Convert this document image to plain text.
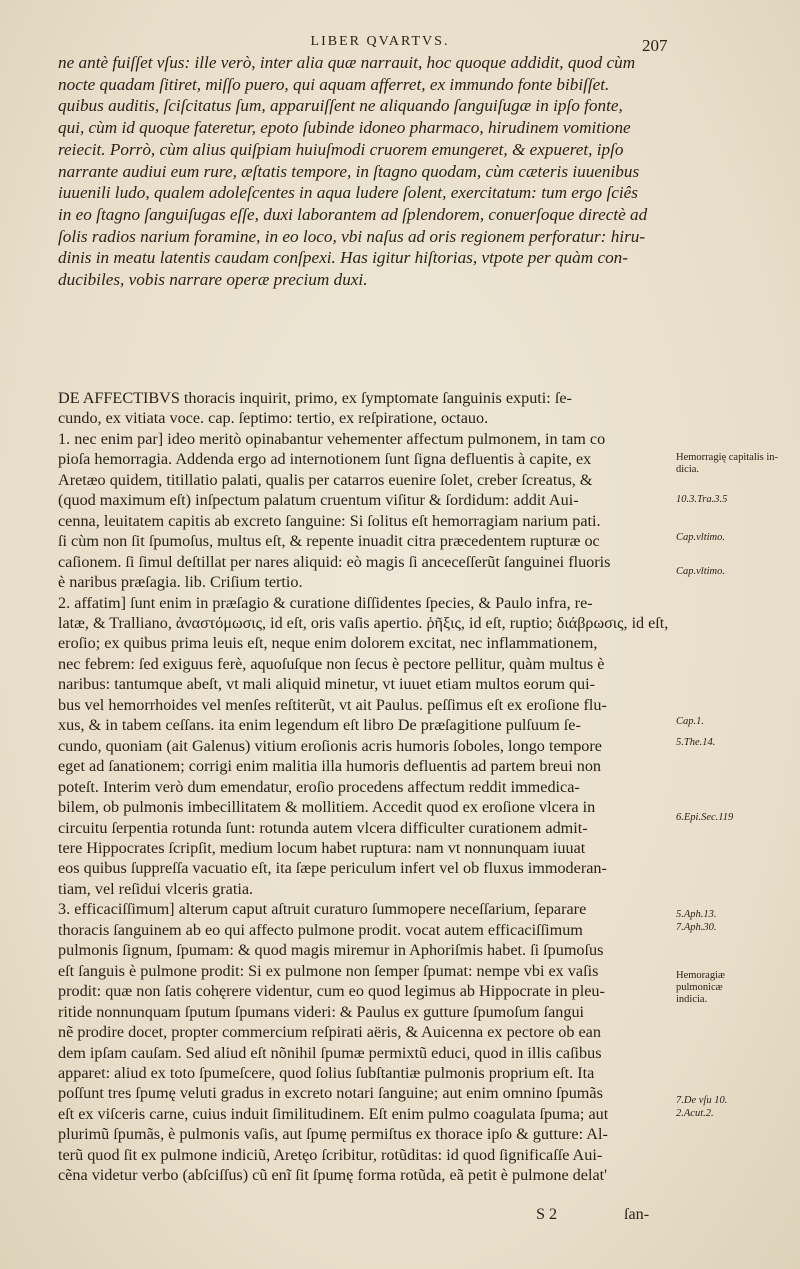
LIBER QVARTVS.	207
ne antè fuiſſet vſus: ille verò, inter alia quæ narrauit, hoc quoque addidit, quod cùm
noctе quadam ſitiret, miſſo puero, qui aquam afferret, ex immundo fonte bibiſſet.
quibus auditis, ſciſcitatus ſum, apparuiſſent ne aliquando ſanguiſugæ in ipſo fonte,
qui, cùm id quoque fateretur, epoto ſubinde idoneo pharmaco, hirudinem vomitione
reiecit. Porrò, cùm alius quiſpiam huiuſmodi cruorem emungeret, & expueret, ipſo
narrante audiui eum rure, æſtatis tempore, in ſtagno quodam, cùm cæteris iuuenibus
iuuenili ludo, qualem adoleſcentes in aqua ludere ſolent, exercitatum: tum ergo ſciês
in eo ſtagno ſanguiſugas eſſe, duxi laborantem ad ſplendorem, conuerſoque directè ad
ſolis radios narium foramine, in eo loco, vbi naſus ad oris regionem perforatur: hiru-
dinis in meatu latentis caudam conſpexi. Has igitur hiſtorias, vtpote per quàm con-
ducibiles, vobis narrare operæ precium duxi.
DE AFFECTIBVS thoracis inquirit, primo, ex ſymptomate ſanguinis exputi: ſe-
cundo, ex vitiata voce. cap. ſeptimo: tertio, ex reſpiratione, octauo.
1. nec enim par] ideo meritò opinabantur vehementer affectum pulmonem, in tam co
pioſa hemorragia. Addenda ergo ad internotionem ſunt ſigna defluentis à capite, ex
Aretæo quidem, titillatio palati, qualis per catarros euenire ſolet, creber ſcreatus, &
(quod maximum eſt) inſpectum palatum cruentum viſitur & ſordidum: addit Aui-
cenna, leuitatem capitis ab excreto ſanguine: Si ſolitus eſt hemorragiam narium pati.
ſi cùm non ſit ſpumoſus, multus eſt, & repente inuadit citra præcedentem rupturæ oc
caſionem. ſi ſimul deſtillat per nares aliquid: eò magis ſi anceceſſerũt ſanguinei fluoris
è naribus præſagia. lib. Criſium tertio.
2. affatim] ſunt enim in præſagio & curatione diſſidentes ſpecies, & Paulo infra, re-
latæ, & Tralliano, ἀναστόμωσις, id eſt, oris vaſis apertio. ῥῆξις, id eſt, ruptio; διάβρωσις, id eſt,
eroſio; ex quibus prima leuis eſt, neque enim dolorem excitat, nec inflammationem,
nec febrem: ſed exiguus ferè, aquoſuſque non ſecus è pectore pellitur, quàm multus è
naribus: tantumque abeſt, vt mali aliquid minetur, vt iuuet etiam multos eorum qui-
bus vel hemorrhoides vel menſes reſtiterũt, vt ait Paulus. peſſimus eſt ex eroſione flu-
xus, & in tabem ceſſans. ita enim legendum eſt libro De præſagitione pulſuum ſe-
cundo, quoniam (ait Galenus) vitium eroſionis acris humoris ſoboles, longo tempore
eget ad ſanationem; corrigi enim malitia illa humoris defluentis ad partem breui non
poteſt. Interim verò dum emendatur, eroſio procedens affectum reddit immedica-
bilem, ob pulmonis imbecillitatem & mollitiem. Accedit quod ex eroſione vlcera in
circuitu ſerpentia rotunda ſunt: rotunda autem vlcera difficulter curationem admit-
tere Hippocrates ſcripſit, medium locum habet ruptura: nam vt nonnunquam iuuat
eos quibus ſuppreſſa vacuatio eſt, ita ſæpe periculum infert vel ob fluxus immoderan-
tiam, vel reſidui vlceris gratia.
3. efficaciſſimum] alterum caput aſtruit curaturo ſummopere neceſſarium, ſeparare
thoracis ſanguinem ab eo qui affecto pulmone prodit. vocat autem efficaciſſimum
pulmonis ſignum, ſpumam: & quod magis miremur in Aphoriſmis habet. ſi ſpumoſus
eſt ſanguis è pulmone prodit: Si ex pulmone non ſemper ſpumat: nempe vbi ex vaſis
prodit: quæ non ſatis cohęrere videntur, cum eo quod legimus ab Hippocrate in pleu-
ritide nonnunquam ſputum ſpumans videri: & Paulus ex gutture ſpumoſum ſangui
nẽ prodire docet, propter commercium reſpirati aëris, & Auicenna ex pectore ob ean
dem ipſam cauſam. Sed aliud eſt nõnihil ſpumæ permixtũ educi, quod in illis caſibus
apparet: aliud ex toto ſpumeſcere, quod ſolius ſubſtantiæ pulmonis proprium eſt. Ita
poſſunt tres ſpumę veluti gradus in excreto notari ſanguine; aut enim omnino ſpumãs
eſt ex viſceris carne, cuius induit ſimilitudinem. Eſt enim pulmo coagulata ſpuma; aut
plurimũ ſpumãs, è pulmonis vaſis, aut ſpumę permiſtus ex thorace ipſo & gutture: Al-
terũ quod ſit ex pulmone indiciũ, Aretęo ſcribitur, rotũditas: id quod ſignificaſſe Aui-
cẽna videtur verbo (abſciſſus) cũ enĩ ſit ſpumę forma rotũda, eã petit è pulmone delat'
Hemorragię capitalis in-dicia.
10.3.Tra.3.5
Cap.vltimo.
Cap.vltimo.
Cap.1.
5.The.14.
6.Epi.Sec.119
5.Aph.13.
7.Aph.30.
Hemoragiæ pulmonicæ indicia.
7.De vſu 10.
2.Acut.2.
S 2	ſan-
